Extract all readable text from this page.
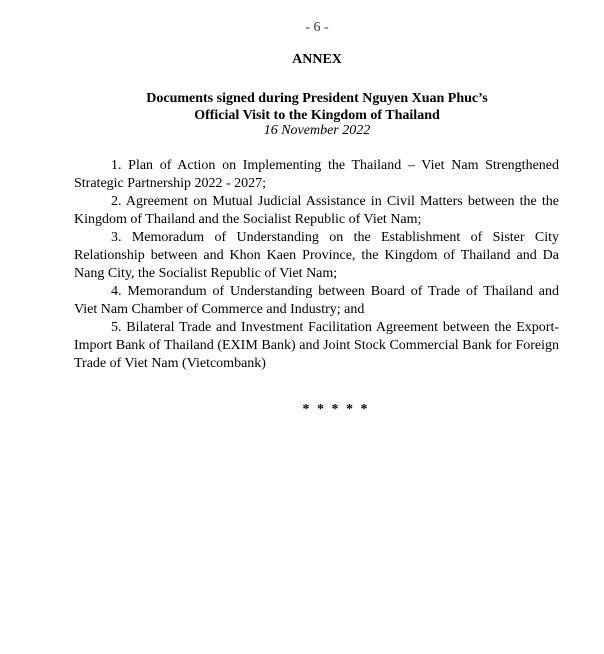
- 6 -
ANNEX
Documents signed during President Nguyen Xuan Phuc’s
Official Visit to the Kingdom of Thailand
16 November 2022

1. Plan of Action on Implementing the Thailand – Viet Nam Strengthened Strategic Partnership 2022 - 2027;

2. Agreement on Mutual Judicial Assistance in Civil Matters between the the Kingdom of Thailand and the Socialist Republic of Viet Nam;

3. Memoradum of Understanding on the Establishment of Sister City Relationship between and Khon Kaen Province, the Kingdom of Thailand and Da Nang City, the Socialist Republic of Viet Nam;

4. Memorandum of Understanding between Board of Trade of Thailand and Viet Nam Chamber of Commerce and Industry; and

5. Bilateral Trade and Investment Facilitation Agreement between the Export-Import Bank of Thailand (EXIM Bank) and Joint Stock Commercial Bank for Foreign Trade of Viet Nam (Vietcombank)

* * * * *
